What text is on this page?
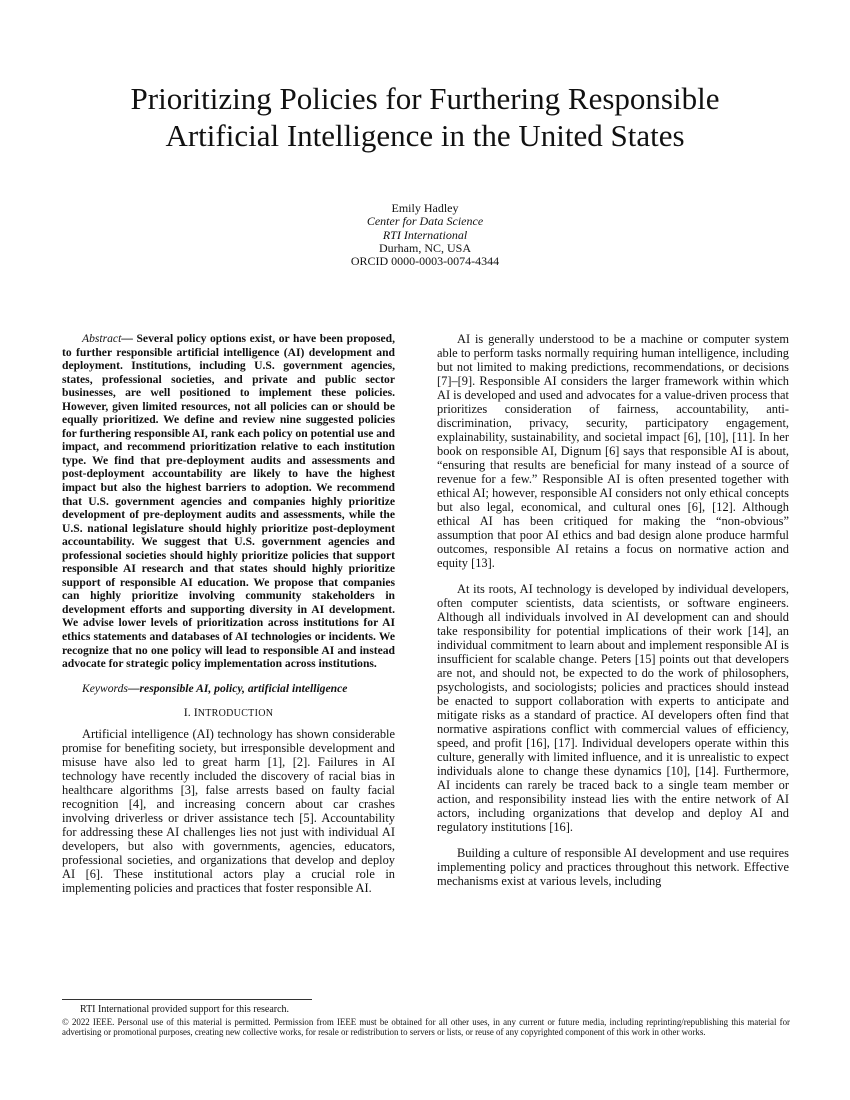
Prioritizing Policies for Furthering Responsible
Artificial Intelligence in the United States
Emily Hadley
Center for Data Science
RTI International
Durham, NC, USA
ORCID 0000-0003-0074-4344

Abstract— Several policy options exist, or have been proposed, to further responsible artificial intelligence (AI) development and deployment. Institutions, including U.S. government agencies, states, professional societies, and private and public sector businesses, are well positioned to implement these policies. However, given limited resources, not all policies can or should be equally prioritized. We define and review nine suggested policies for furthering responsible AI, rank each policy on potential use and impact, and recommend prioritization relative to each institution type. We find that pre-deployment audits and assessments and post-deployment accountability are likely to have the highest impact but also the highest barriers to adoption. We recommend that U.S. government agencies and companies highly prioritize development of pre-deployment audits and assessments, while the U.S. national legislature should highly prioritize post-deployment accountability. We suggest that U.S. government agencies and professional societies should highly prioritize policies that support responsible AI research and that states should highly prioritize support of responsible AI education. We propose that companies can highly prioritize involving community stakeholders in development efforts and supporting diversity in AI development. We advise lower levels of prioritization across institutions for AI ethics statements and databases of AI technologies or incidents. We recognize that no one policy will lead to responsible AI and instead advocate for strategic policy implementation across institutions.

Keywords—responsible AI, policy, artificial intelligence

I. INTRODUCTION

Artificial intelligence (AI) technology has shown considerable promise for benefiting society, but irresponsible development and misuse have also led to great harm [1], [2]. Failures in AI technology have recently included the discovery of racial bias in healthcare algorithms [3], false arrests based on faulty facial recognition [4], and increasing concern about car crashes involving driverless or driver assistance tech [5]. Accountability for addressing these AI challenges lies not just with individual AI developers, but also with governments, agencies, educators, professional societies, and organizations that develop and deploy AI [6]. These institutional actors play a crucial role in implementing policies and practices that foster responsible AI.

AI is generally understood to be a machine or computer system able to perform tasks normally requiring human intelligence, including but not limited to making predictions, recommendations, or decisions [7]–[9]. Responsible AI considers the larger framework within which AI is developed and used and advocates for a value-driven process that prioritizes consideration of fairness, accountability, anti-discrimination, privacy, security, participatory engagement, explainability, sustainability, and societal impact [6], [10], [11]. In her book on responsible AI, Dignum [6] says that responsible AI is about, “ensuring that results are beneficial for many instead of a source of revenue for a few.” Responsible AI is often presented together with ethical AI; however, responsible AI considers not only ethical concepts but also legal, economical, and cultural ones [6], [12]. Although ethical AI has been critiqued for making the “non-obvious” assumption that poor AI ethics and bad design alone produce harmful outcomes, responsible AI retains a focus on normative action and equity [13].

At its roots, AI technology is developed by individual developers, often computer scientists, data scientists, or software engineers. Although all individuals involved in AI development can and should take responsibility for potential implications of their work [14], an individual commitment to learn about and implement responsible AI is insufficient for scalable change. Peters [15] points out that developers are not, and should not, be expected to do the work of philosophers, psychologists, and sociologists; policies and practices should instead be enacted to support collaboration with experts to anticipate and mitigate risks as a standard of practice. AI developers often find that normative aspirations conflict with commercial values of efficiency, speed, and profit [16], [17]. Individual developers operate within this culture, generally with limited influence, and it is unrealistic to expect individuals alone to change these dynamics [10], [14]. Furthermore, AI incidents can rarely be traced back to a single team member or action, and responsibility instead lies with the entire network of AI actors, including organizations that develop and deploy AI and regulatory institutions [16].

Building a culture of responsible AI development and use requires implementing policy and practices throughout this network. Effective mechanisms exist at various levels, including

RTI International provided support for this research.
© 2022 IEEE. Personal use of this material is permitted. Permission from IEEE must be obtained for all other uses, in any current or future media, including reprinting/republishing this material for advertising or promotional purposes, creating new collective works, for resale or redistribution to servers or lists, or reuse of any copyrighted component of this work in other works.
